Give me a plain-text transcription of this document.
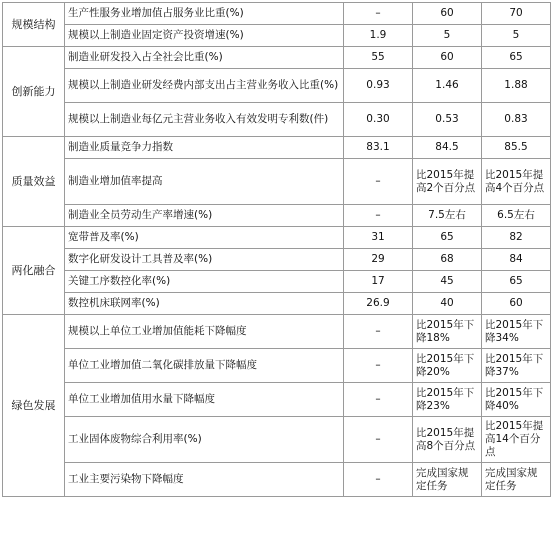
规模结构	生产性服务业增加值占服务业比重(%)	–	60	70
	规模以上制造业固定资产投资增速(%)	1.9	5	5
创新能力	制造业研发投入占全社会比重(%)	55	60	65
	规模以上制造业研发经费内部支出占主营业务收入比重(%)	0.93	1.46	1.88
	规模以上制造业每亿元主营业务收入有效发明专利数(件)	0.30	0.53	0.83
质量效益	制造业质量竞争力指数	83.1	84.5	85.5
	制造业增加值率提高	–	比2015年提高2个百分点	比2015年提高4个百分点
	制造业全员劳动生产率增速(%)	–	7.5左右	6.5左右
两化融合	宽带普及率(%)	31	65	82
	数字化研发设计工具普及率(%)	29	68	84
	关键工序数控化率(%)	17	45	65
	数控机床联网率(%)	26.9	40	60
绿色发展	规模以上单位工业增加值能耗下降幅度	–	比2015年下降18%	比2015年下降34%
	单位工业增加值二氧化碳排放量下降幅度	–	比2015年下降20%	比2015年下降37%
	单位工业增加值用水量下降幅度	–	比2015年下降23%	比2015年下降40%
	工业固体废物综合利用率(%)	–	比2015年提高8个百分点	比2015年提高14个百分点
	工业主要污染物下降幅度	–	完成国家规定任务	完成国家规定任务
